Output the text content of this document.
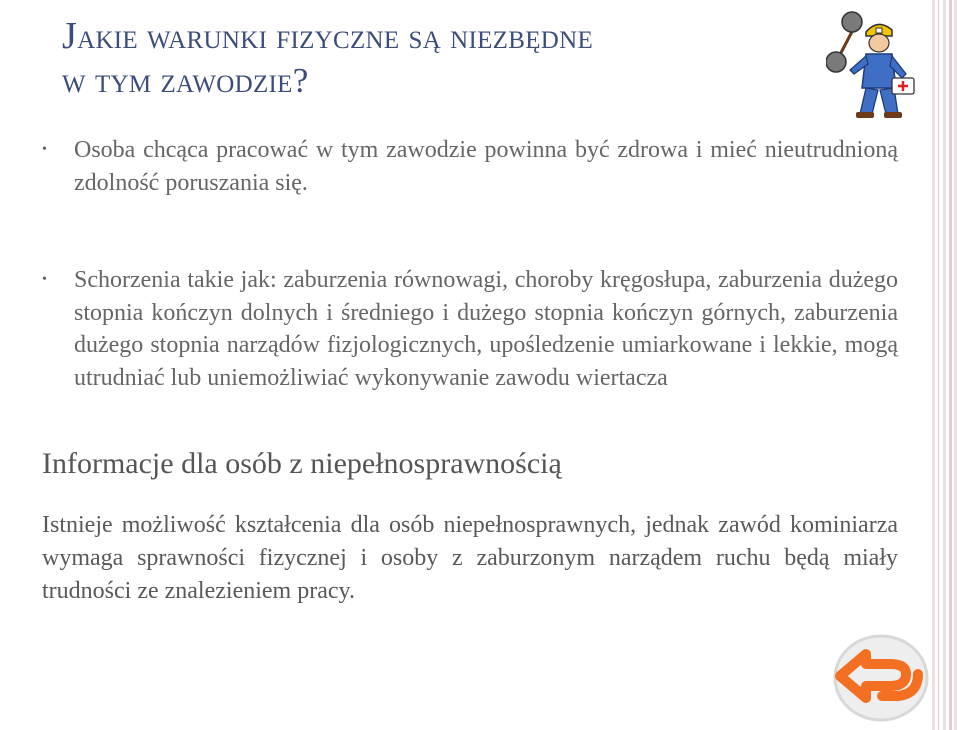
Jakie warunki fizyczne są niezbędne
w tym zawodzie?
• Osoba chcąca pracować w tym zawodzie powinna być zdrowa i mieć nieutrudnioną zdolność poruszania się.
• Schorzenia takie jak: zaburzenia równowagi, choroby kręgosłupa, zaburzenia dużego stopnia kończyn dolnych i średniego i dużego stopnia kończyn górnych, zaburzenia dużego stopnia narządów fizjologicznych, upośledzenie umiarkowane i lekkie, mogą utrudniać lub uniemożliwiać wykonywanie zawodu wiertacza
Informacje dla osób z niepełnosprawnością
Istnieje możliwość kształcenia dla osób niepełnosprawnych, jednak zawód kominiarza wymaga sprawności fizycznej i osoby z zaburzonym narządem ruchu będą miały trudności ze znalezieniem pracy.
